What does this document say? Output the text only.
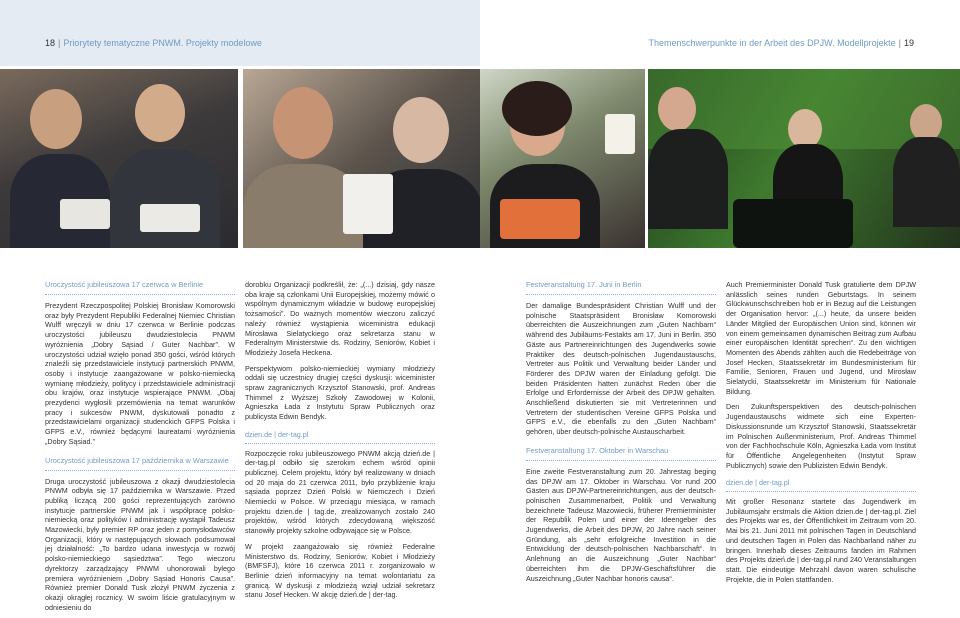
18 | Priorytety tematyczne PNWM. Projekty modelowe	Themenschwerpunkte in der Arbeit des DPJW. Modellprojekte | 19
Uroczystość jubileuszowa 17 czerwca w Berlinie

Prezydent Rzeczpospolitej Polskiej Bronisław Komorowski oraz były Prezydent Republiki Federalnej Niemiec Christian Wulff wręczyli w dniu 17 czerwca w Berlinie podczas uroczystości jubileuszu dwudziestolecia PNWM wyróżnienia „Dobry Sąsiad / Guter Nachbar”. W uroczystości udział wzięło ponad 350 gości, wśród których znaleźli się przedstawiciele instytucji partnerskich PNWM, osoby i instytucje zaangażowane w polsko-niemiecką wymianę młodzieży, politycy i przedstawiciele administracji obu krajów, oraz instytucje wspierające PNWM. „Obaj prezydenci wygłosili przemówienia na temat warunków pracy i sukcesów PNWM, dyskutowali ponadto z przedstawicielami organizacji studenckich GFPS Polska i GFPS e.V., również będącymi laureatami wyróżnienia „Dobry Sąsiad.”

Uroczystość jubileuszowa 17 października w Warszawie

Druga uroczystość jubileuszowa z okazji dwudziestolecia PNWM odbyła się 17 października w Warszawie. Przed publiką liczącą 200 gości reprezentujących zarówno instytucje partnerskie PNWM jak i współpracę polsko-niemiecką oraz polityków i administrację wystąpił Tadeusz Mazowiecki, były premier RP oraz jeden z pomysłodawców Organizacji, który w następujących słowach podsumował jej działalność: „To bardzo udana inwestycja w rozwój polsko-niemieckiego sąsiedztwa”. Tego wieczoru dyrektorzy zarządzający PNWM uhonorowali bylego premiera wyróżnieniem „Dobry Sąsiad Honoris Causa”. Również premier Donald Tusk złożył PNWM życzenia z okazji okrągłej rocznicy. W swoim liście gratulacyjnym w odniesieniu do

dorobku Organizacji podkreślił, że: „(...) dzisiaj, gdy nasze oba kraje są członkami Unii Europejskiej, możemy mówić o wspólnym dynamicznym wkładzie w budowę europejskiej tożsamości”. Do ważnych momentów wieczoru zaliczyć należy również wystąpienia wiceministra edukacji Mirosława Sielatyckiego oraz sekretarza stanu w Federalnym Ministerstwie ds. Rodziny, Seniorów, Kobiet i Młodzieży Josefa Heckena.

Perspektywom polsko-niemieckiej wymiany młodzieży oddali się uczestnicy drugiej części dyskusji: wiceminister spraw zagranicznych Krzysztof Stanowski, prof. Andreas Thimmel z Wyższej Szkoły Zawodowej w Kolonii, Agnieszka Łada z Instytutu Spraw Publicznych oraz publicysta Edwin Bendyk.

dzien.de | der-tag.pl

Rozpoczęcie roku jubileuszowego PNWM akcją dzień.de | der-tag.pl odbiło się szerokim echem wśród opinii publicznej. Celem projektu, który był realizowany w dniach od 20 maja do 21 czerwca 2011, było przybliżenie kraju sąsiada poprzez Dzień Polski w Niemczech i Dzień Niemiecki w Polsce. W przeciągu miesiąca, w ramach projektu dzien.de | tag.de, zrealizowanych zostało 240 projektów, wśród których zdecydowaną większość stanowiły projekty szkolne odbywające się w Polsce.

W projekt zaangażowało się również Federalne Ministerstwo ds. Rodziny, Seniorów, Kobiet i Młodzieży (BMFSFJ), które 16 czerwca 2011 r. zorganizowało w Berlinie dzień informacyjny na temat wolontariatu za granicą. W dyskusji z młodzieżą wziął udział sekretarz stanu Josef Hecken. W akcję dzień.de | der-tag.

Festveranstaltung 17. Juni in Berlin

Der damalige Bundespräsident Christian Wulff und der polnische Staatspräsident Bronisław Komorowski überreichten die Auszeichnungen zum „Guten Nachbarn“ während des Jubiläums-Festakts am 17. Juni in Berlin. 350 Gäste aus Partnereinrichtungen des Jugendwerks sowie Praktiker des deutsch-polnischen Jugendaustauschs, Vertreter aus Politik und Verwaltung beider Länder und Förderer des DPJW waren der Einladung gefolgt. Die beiden Präsidenten hatten zunächst Reden über die Erfolge und Erfordernisse der Arbeit des DPJW gehalten. Anschließend diskutierten sie mit Vertreterinnen und Vertretern der studentischen Vereine GFPS Polska und GFPS e.V., die ebenfalls zu den „Guten Nachbarn“ gehören, über deutsch-polnische Austauscharbeit.

Festveranstaltung 17. Oktober in Warschau

Eine zweite Festveranstaltung zum 20. Jahrestag beging das DPJW am 17. Oktober in Warschau. Vor rund 200 Gästen aus DPJW-Partnereinrichtungen, aus der deutsch-polnischen Zusammenarbeit, Politik und Verwaltung bezeichnete Tadeusz Mazowiecki, früherer Premierminister der Republik Polen und einer der Ideengeber des Jugendwerks, die Arbeit des DPJW, 20 Jahre nach seiner Gründung, als „sehr erfolgreiche Investition in die Entwicklung der deutsch-polnischen Nachbarschaft“. In Anlehnung an die Auszeichnung „Guter Nachbar“ überreichten ihm die DPJW-Geschäftsführer die Auszeichnung „Guter Nachbar honoris causa“.

Auch Premierminister Donald Tusk gratulierte dem DPJW anlässlich seines runden Geburtstags. In seinem Glückwunschschreiben hob er in Bezug auf die Leistungen der Organisation hervor: „(...) heute, da unsere beiden Länder Mitglied der Europäischen Union sind, können wir von einem gemeinsamen dynamischen Beitrag zum Aufbau einer europäischen Identität sprechen“. Zu den wichtigen Momenten des Abends zählten auch die Redebeiträge von Josef Hecken, Staatssekretär im Bundesministerium für Familie, Senioren, Frauen und Jugend, und Mirosław Sielatycki, Staatssekretär im Ministerium für Nationale Bildung.

Den Zukunftsperspektiven des deutsch-polnischen Jugendaustauschs widmete sich eine Experten-Diskussionsrunde um Krzysztof Stanowski, Staatssekretär im Polnischen Außenministerium, Prof. Andreas Thimmel von der Fachhochschule Köln, Agnieszka Łada vom Institut für Öffentliche Angelegenheiten (Instytut Spraw Publicznych) sowie den Publizisten Edwin Bendyk.

dzien.de | der-tag.pl

Mit großer Resonanz startete das Jugendwerk im Jubiläumsjahr erstmals die Aktion dzien.de | der-tag.pl. Ziel des Projekts war es, der Öffentlichkeit im Zeitraum vom 20. Mai bis 21. Juni 2011 mit polnischen Tagen in Deutschland und deutschen Tagen in Polen das Nachbarland näher zu bringen. Innerhalb dieses Zeitraums fanden im Rahmen des Projekts dzień.de | der-tag.pl rund 240 Veranstaltungen statt. Die eindeutige Mehrzahl davon waren schulische Projekte, die in Polen stattfanden.
